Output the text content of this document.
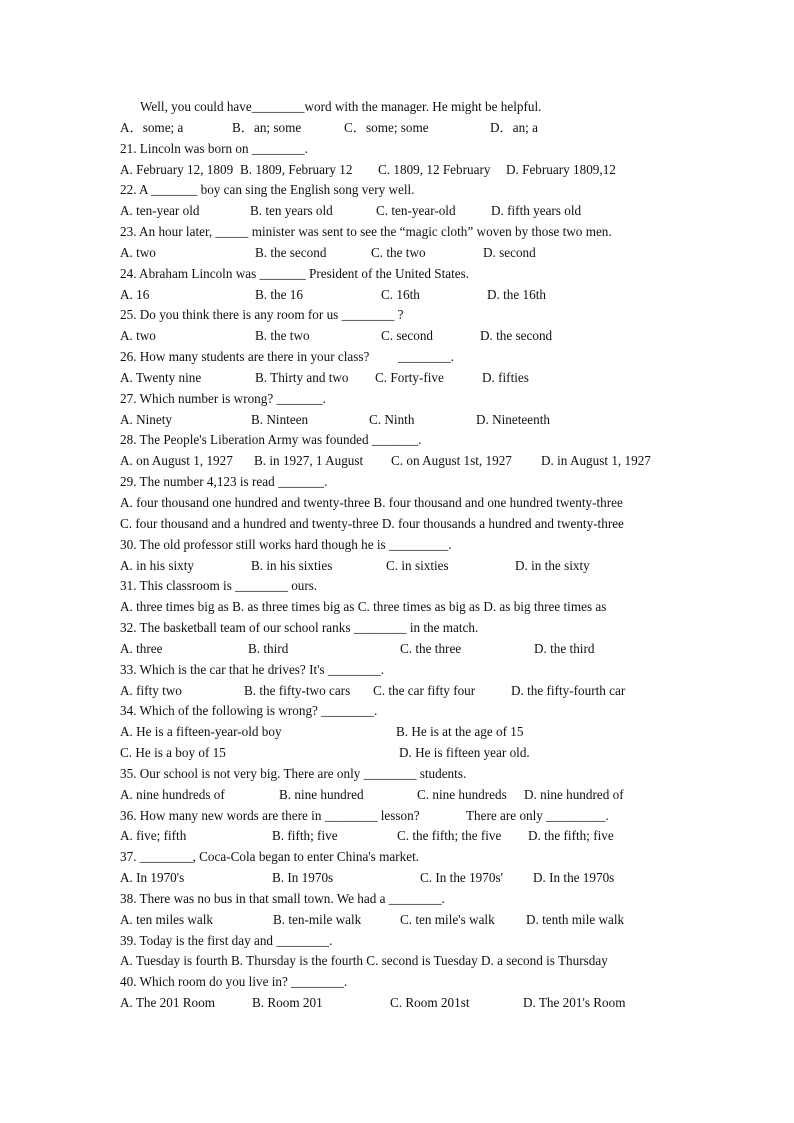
Well, you could have________word with the manager. He might be helpful.
A．some; a	B．an; some	C．some; some	D．an; a
21. Lincoln was born on ________.
A. February 12, 1809 B. 1809, February 12 C. 1809, 12 February D. February 1809,12
22. A _______ boy can sing the English song very well.
A. ten-year old	B. ten years old	C. ten-year-old	D. fifth years old
23. An hour later, _____ minister was sent to see the “magic cloth” woven by those two men.
A. two	B. the second	C. the two	D. second
24. Abraham Lincoln was _______ President of the United States.
A. 16	B. the 16	C. 16th	D. the 16th
25. Do you think there is any room for us ________ ?
A. two	B. the two	C. second	D. the second
26. How many students are there in your class? ________.
A. Twenty nine	B. Thirty and two C. Forty-five	D. fifties
27. Which number is wrong? _______.
A. Ninety	B. Ninteen	C. Ninth	D. Nineteenth
28. The People's Liberation Army was founded _______.
A. on August 1, 1927 B. in 1927, 1 August C. on August 1st, 1927 D. in August 1, 1927
29. The number 4,123 is read _______.
A. four thousand one hundred and twenty-three B. four thousand and one hundred twenty-three
C. four thousand and a hundred and twenty-three D. four thousands a hundred and twenty-three
30. The old professor still works hard though he is _________.
A. in his sixty	B. in his sixties	C. in sixties	D. in the sixty
31. This classroom is ________ ours.
A. three times big as B. as three times big as C. three times as big as D. as big three times as
32. The basketball team of our school ranks ________ in the match.
A. three	B. third	C. the three	D. the third
33. Which is the car that he drives? It's ________.
A. fifty two	B. the fifty-two cars C. the car fifty four	D. the fifty-fourth car
34. Which of the following is wrong? ________.
A. He is a fifteen-year-old boy	B. He is at the age of 15
C. He is a boy of 15	D. He is fifteen year old.
35. Our school is not very big. There are only ________ students.
A. nine hundreds of	B. nine hundred	C. nine hundreds D. nine hundred of
36. How many new words are there in ________ lesson?	There are only _________.
A. five; fifth	B. fifth; five	C. the fifth; the five D. the fifth; five
37. ________, Coca-Cola began to enter China's market.
A. In 1970's	B. In 1970s	C. In the 1970s' D. In the 1970s
38. There was no bus in that small town. We had a ________.
A. ten miles walk	B. ten-mile walk	C. ten mile's walk D. tenth mile walk
39. Today is the first day and ________.
A. Tuesday is fourth B. Thursday is the fourth C. second is Tuesday D. a second is Thursday
40. Which room do you live in? ________.
A. The 201 Room	B. Room 201	C. Room 201st	D. The 201's Room
